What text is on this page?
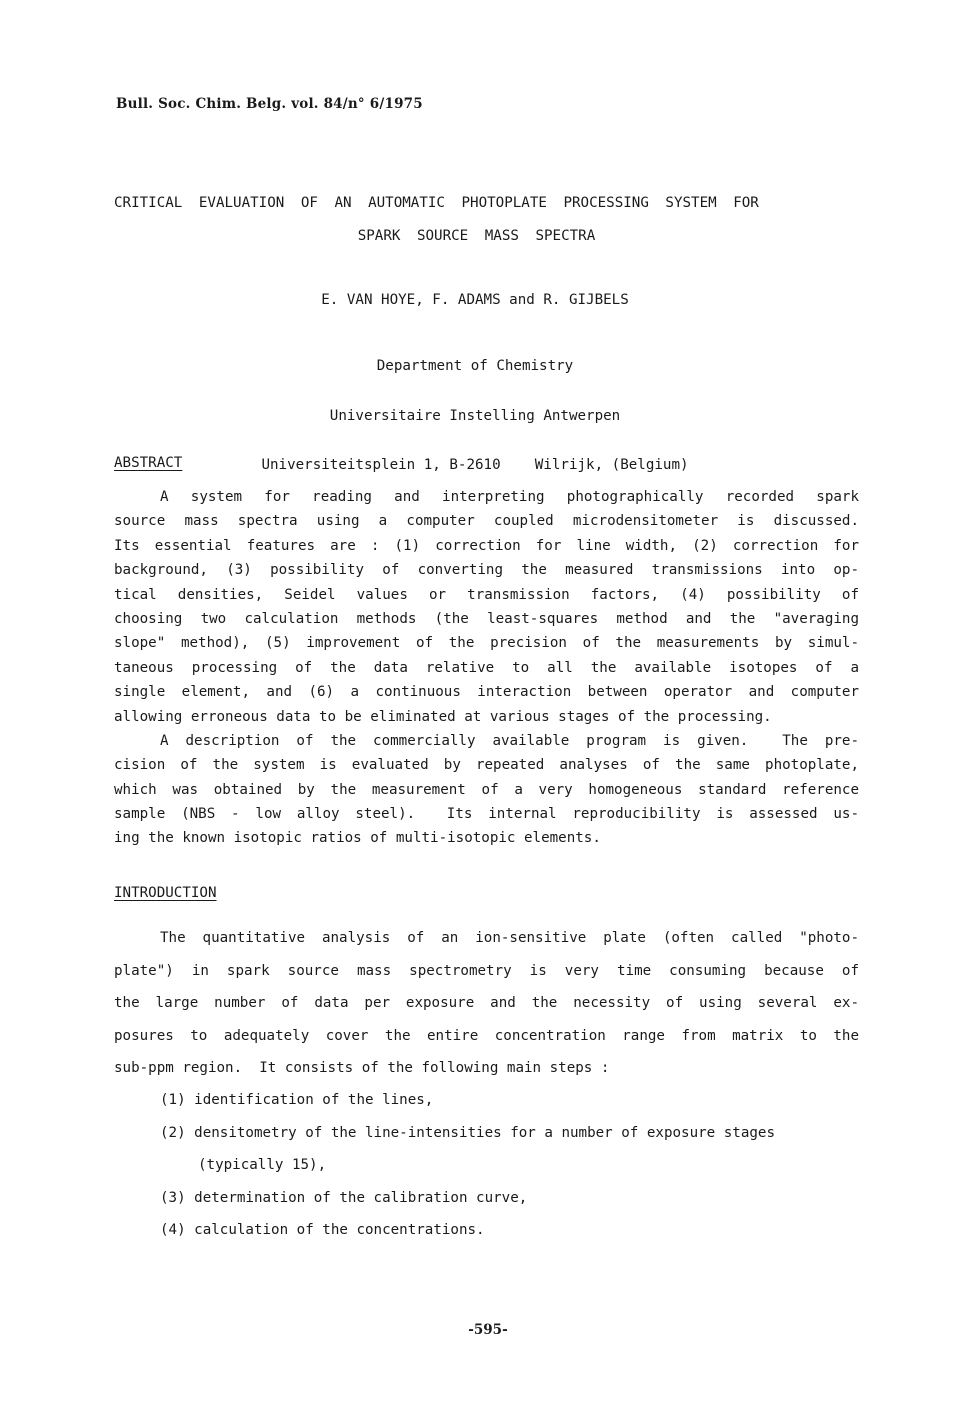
Bull. Soc. Chim. Belg. vol. 84/n° 6/1975
CRITICAL EVALUATION OF AN AUTOMATIC PHOTOPLATE PROCESSING SYSTEM FOR
SPARK SOURCE MASS SPECTRA
E. VAN HOYE, F. ADAMS and R. GIJBELS

Department of Chemistry

Universitaire Instelling Antwerpen

Universiteitsplein 1, B-2610    Wilrijk, (Belgium)

ABSTRACT
A system for reading and interpreting photographically recorded spark
source mass spectra using a computer coupled microdensitometer is discussed.
Its essential features are : (1) correction for line width, (2) correction for
background, (3) possibility of converting the measured transmissions into op-
tical densities, Seidel values or transmission factors, (4) possibility of
choosing two calculation methods (the least-squares method and the "averaging
slope" method), (5) improvement of the precision of the measurements by simul-
taneous processing of the data relative to all the available isotopes of a
single element, and (6) a continuous interaction between operator and computer
allowing erroneous data to be eliminated at various stages of the processing.
A description of the commercially available program is given.  The pre-
cision of the system is evaluated by repeated analyses of the same photoplate,
which was obtained by the measurement of a very homogeneous standard reference
sample (NBS - low alloy steel).  Its internal reproducibility is assessed us-
ing the known isotopic ratios of multi-isotopic elements.
INTRODUCTION
The quantitative analysis of an ion-sensitive plate (often called "photo-
plate") in spark source mass spectrometry is very time consuming because of
the large number of data per exposure and the necessity of using several ex-
posures to adequately cover the entire concentration range from matrix to the
sub-ppm region.  It consists of the following main steps :
(1) identification of the lines,
(2) densitometry of the line-intensities for a number of exposure stages
(typically 15),
(3) determination of the calibration curve,
(4) calculation of the concentrations.
-595-
